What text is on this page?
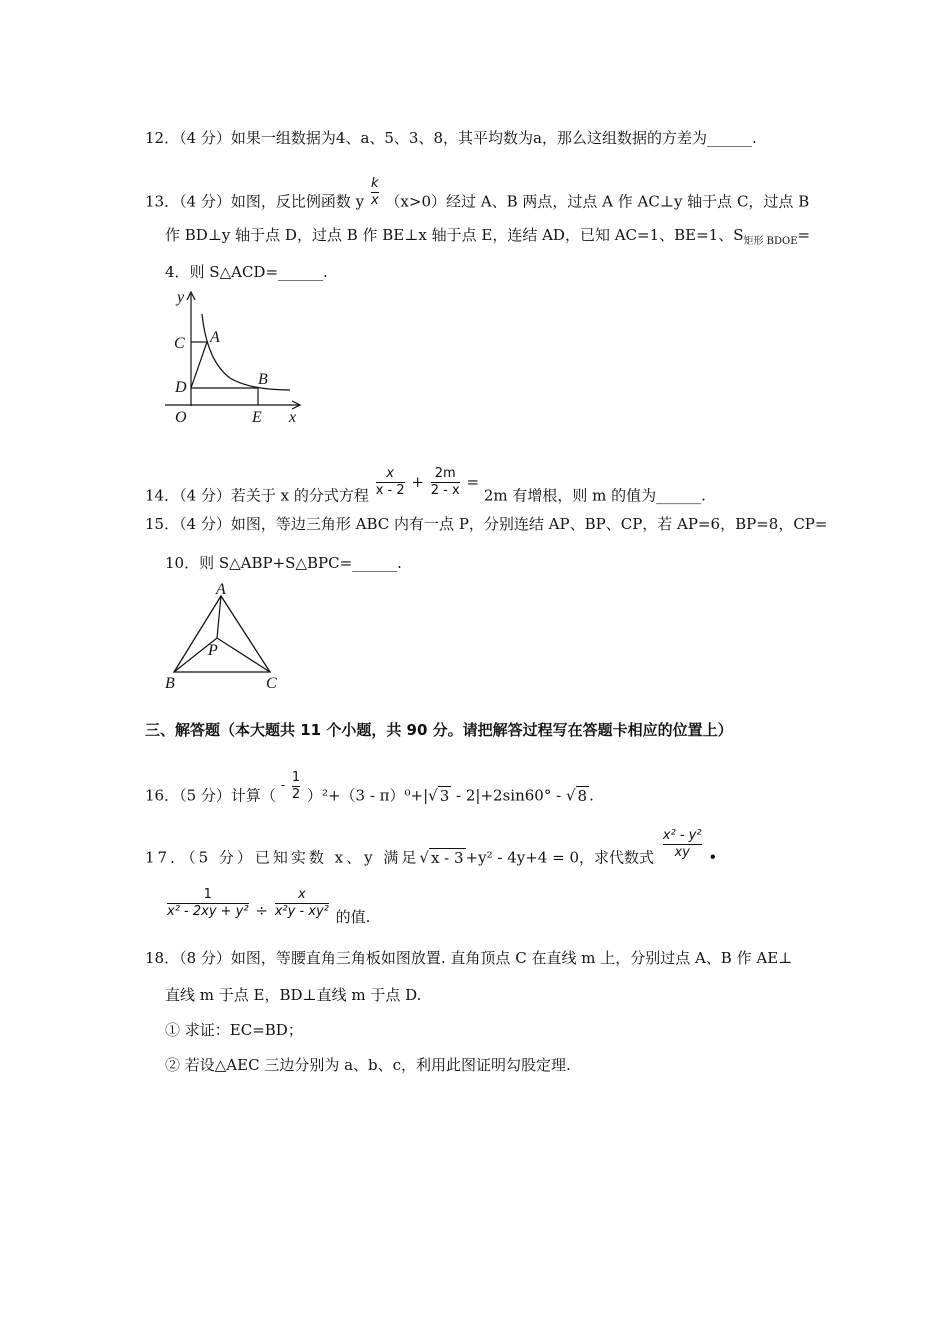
12．（4 分）如果一组数据为4、a、5、3、8，其平均数为a，那么这组数据的方差为______.
13．（4 分）如图，反比例函数 y $\frac{k}{x} (x>0)$经过 A、B 两点，过点 A 作 AC⊥y 轴于点 C，过点 B
作 BD⊥y 轴于点 D，过点 B 作 BE⊥x 轴于点 E，连结 AD，已知 AC=1、BE=1、$S_{矩形 BDOE}=$
4．则 S△ACD=______.
y
C A
D	B
O	E x
14．（4 分）若关于 x 的分式方程 $\frac{x}{x - 2} + \frac{2m}{2 - x} = 2m$ 有增根，则 m 的值为______.
15．（4 分）如图，等边三角形 ABC 内有一点 P，分别连结 AP、BP、CP，若 AP=6，BP=8，CP=
10．则 S△ABP+S△BPC=______.
A
P
B	C
三、解答题（本大题共 11 个小题，共 90 分。请把解答过程写在答题卡相应的位置上）
16．（5 分）计算（ - $\frac{1}{2} )^2+(3 - \pi)^0+|√$ 3 - 2|+2sin60° - √ 8 .
17．（5 分）已知实数 x、y 满足√ x - 3 +y² - 4y+4 = 0，求代数式 $\frac{\text{x² - y²}}{xy}$ •
$\frac{1}{\text{x² - 2xy + y²}} \div \frac{x}{\text{x²y - xy²}}$ 的值.
18．（8 分）如图，等腰直角三角板如图放置. 直角顶点 C 在直线 m 上，分别过点 A、B 作 AE⊥
直线 m 于点 E，BD⊥直线 m 于点 D.
① 求证：EC=BD；
② 若设△AEC 三边分别为 a、b、c，利用此图证明勾股定理.
